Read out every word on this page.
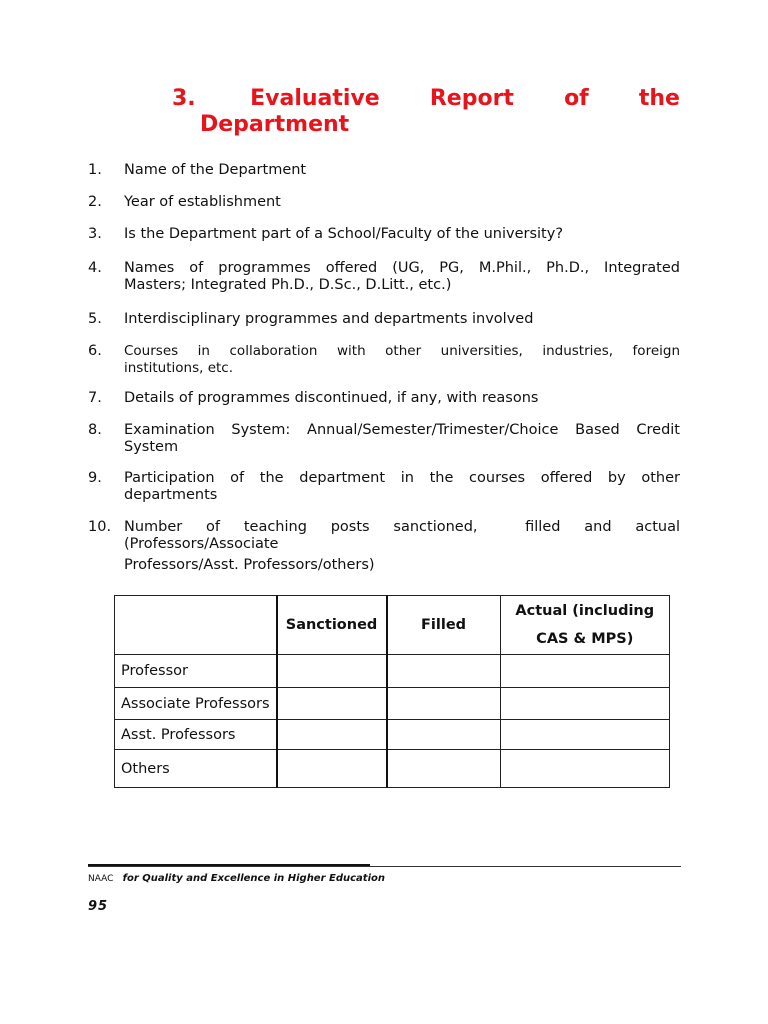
3. Evaluative Report of the
Department
1.	Name of the Department
2.	Year of establishment
3.	Is the Department part of a School/Faculty of the university?
4.	Names of programmes offered (UG, PG, M.Phil., Ph.D., Integrated
Masters; Integrated Ph.D., D.Sc., D.Litt., etc.)
5.	Interdisciplinary programmes and departments involved
6.	Courses in collaboration with other universities, industries, foreign
institutions, etc.
7.	Details of programmes discontinued, if any, with reasons
8.	Examination System: Annual/Semester/Trimester/Choice Based Credit
System
9.	Participation of the department in the courses offered by other
departments
10. Number of teaching posts sanctioned,  filled and actual
(Professors/Associate
Professors/Asst. Professors/others)
	Sanctioned	Filled	Actual (including
CAS & MPS)
Professor			
Associate Professors			
Asst. Professors			
Others			
NAAC for Quality and Excellence in Higher Education
95
